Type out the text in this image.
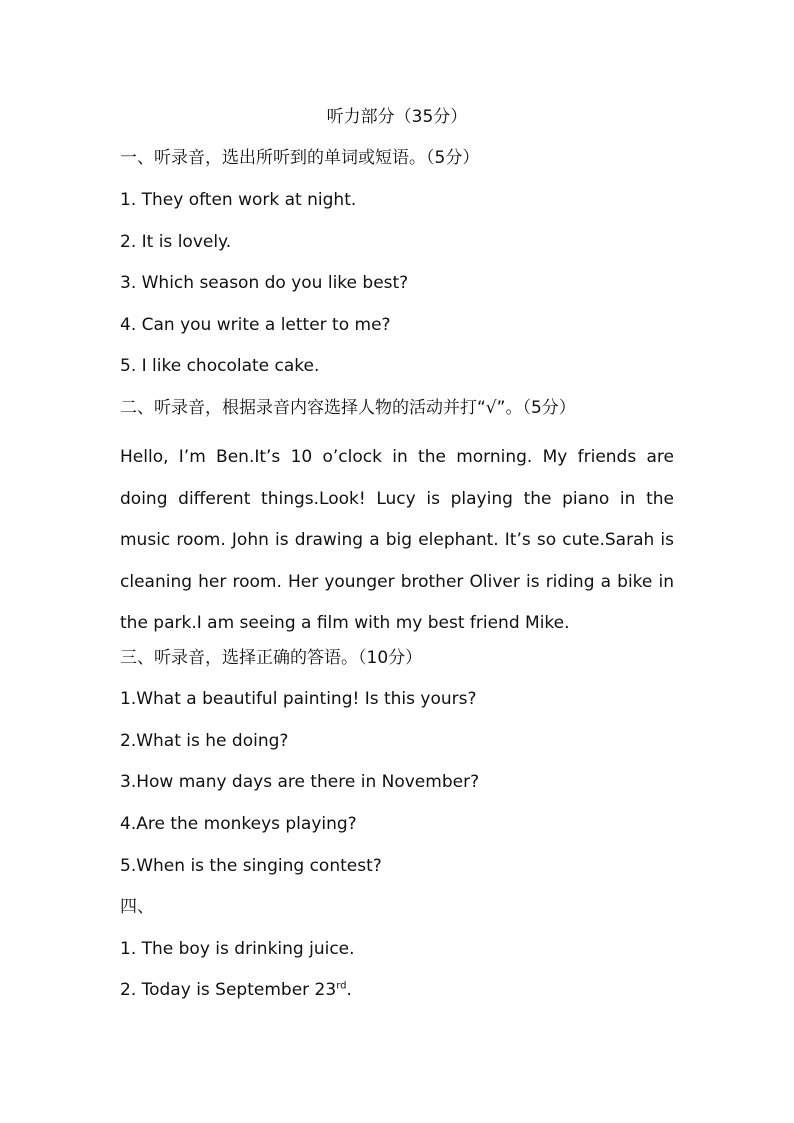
听力部分（35分）
一、听录音，选出所听到的单词或短语。（5分）
1. They often work at night.
2. It is lovely.
3. Which season do you like best?
4. Can you write a letter to me?
5. I like chocolate cake.
二、听录音，根据录音内容选择人物的活动并打“√”。（5分）
Hello, I’m Ben.It’s 10 o’clock in the morning. My friends are doing different things.Look! Lucy is playing the piano in the music room. John is drawing a big elephant. It’s so cute.Sarah is cleaning her room. Her younger brother Oliver is riding a bike in the park.I am seeing a film with my best friend Mike.
三、听录音，选择正确的答语。（10分）
1.What a beautiful painting! Is this yours?
2.What is he doing?
3.How many days are there in November?
4.Are the monkeys playing?
5.When is the singing contest?
四、
1. The boy is drinking juice.
2. Today is September 23rd.
